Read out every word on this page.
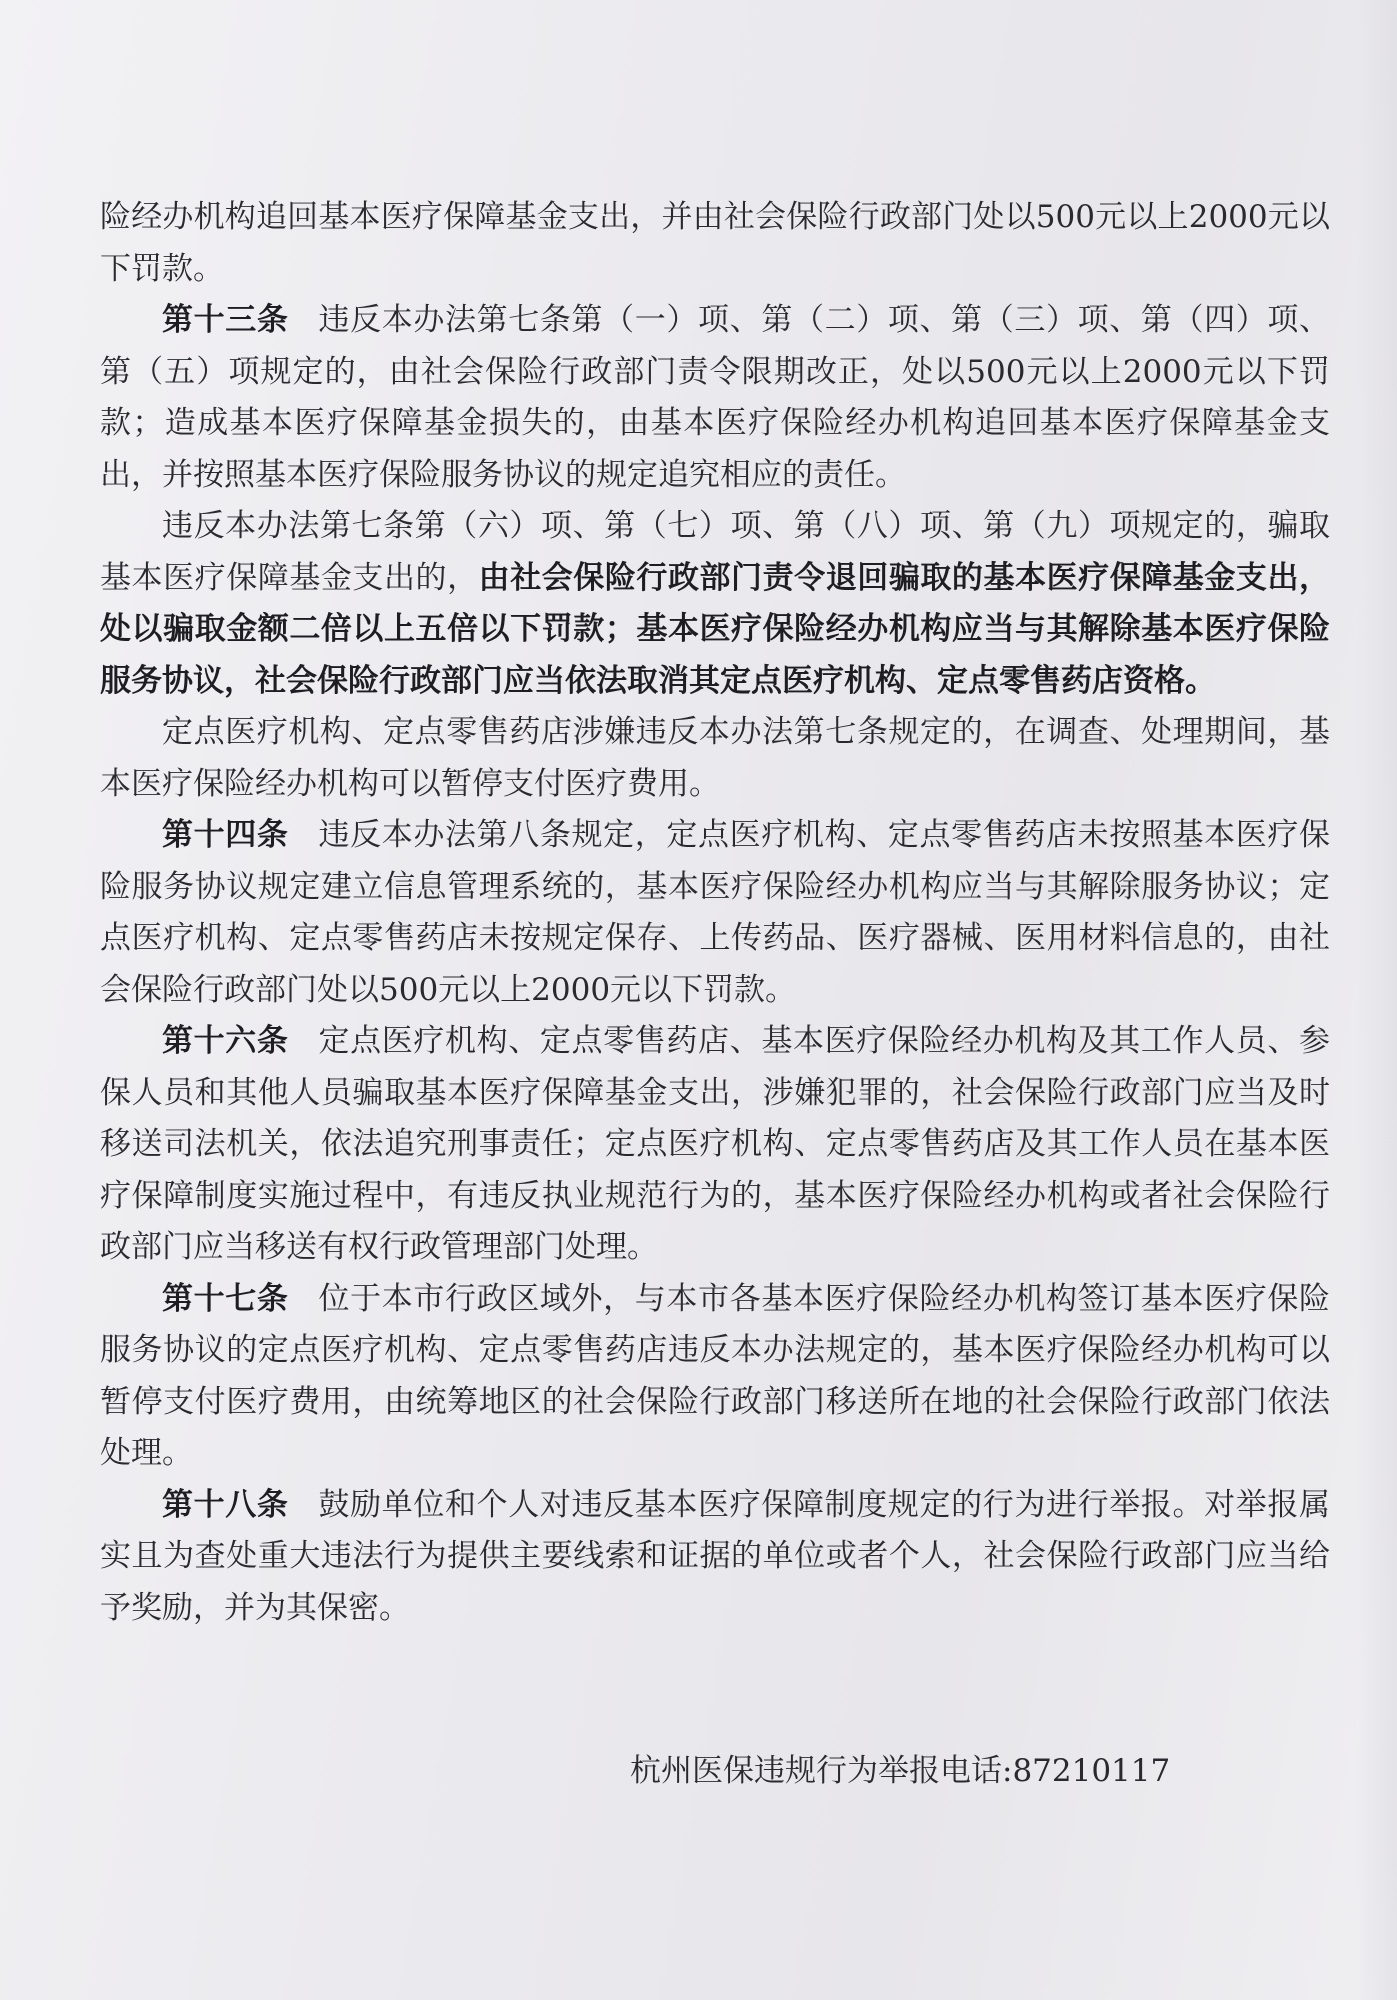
险经办机构追回基本医疗保障基金支出，并由社会保险行政部门处以500元以上2000元以下罚款。

第十三条 违反本办法第七条第（一）项、第（二）项、第（三）项、第（四）项、第（五）项规定的，由社会保险行政部门责令限期改正，处以500元以上2000元以下罚款；造成基本医疗保障基金损失的，由基本医疗保险经办机构追回基本医疗保障基金支出，并按照基本医疗保险服务协议的规定追究相应的责任。

违反本办法第七条第（六）项、第（七）项、第（八）项、第（九）项规定的，骗取基本医疗保障基金支出的，由社会保险行政部门责令退回骗取的基本医疗保障基金支出，处以骗取金额二倍以上五倍以下罚款；基本医疗保险经办机构应当与其解除基本医疗保险服务协议，社会保险行政部门应当依法取消其定点医疗机构、定点零售药店资格。

定点医疗机构、定点零售药店涉嫌违反本办法第七条规定的，在调查、处理期间，基本医疗保险经办机构可以暂停支付医疗费用。

第十四条 违反本办法第八条规定，定点医疗机构、定点零售药店未按照基本医疗保险服务协议规定建立信息管理系统的，基本医疗保险经办机构应当与其解除服务协议；定点医疗机构、定点零售药店未按规定保存、上传药品、医疗器械、医用材料信息的，由社会保险行政部门处以500元以上2000元以下罚款。

第十六条 定点医疗机构、定点零售药店、基本医疗保险经办机构及其工作人员、参保人员和其他人员骗取基本医疗保障基金支出，涉嫌犯罪的，社会保险行政部门应当及时移送司法机关，依法追究刑事责任；定点医疗机构、定点零售药店及其工作人员在基本医疗保障制度实施过程中，有违反执业规范行为的，基本医疗保险经办机构或者社会保险行政部门应当移送有权行政管理部门处理。

第十七条 位于本市行政区域外，与本市各基本医疗保险经办机构签订基本医疗保险服务协议的定点医疗机构、定点零售药店违反本办法规定的，基本医疗保险经办机构可以暂停支付医疗费用，由统筹地区的社会保险行政部门移送所在地的社会保险行政部门依法处理。

第十八条 鼓励单位和个人对违反基本医疗保障制度规定的行为进行举报。对举报属实且为查处重大违法行为提供主要线索和证据的单位或者个人，社会保险行政部门应当给予奖励，并为其保密。

杭州医保违规行为举报电话:87210117
